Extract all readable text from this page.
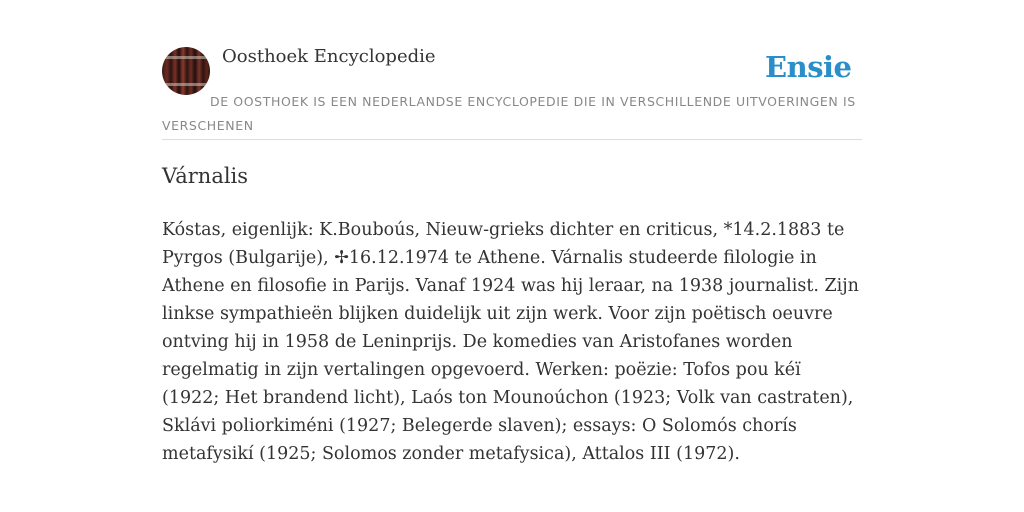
Oosthoek Encyclopedie	Ensie
DE OOSTHOEK IS EEN NEDERLANDSE ENCYCLOPEDIE DIE IN VERSCHILLENDE UITVOERINGEN IS VERSCHENEN
Várnalis

Kóstas, eigenlijk: K.Bouboús, Nieuw-grieks dichter en criticus, *14.2.1883 te Pyrgos (Bulgarije), ✢16.12.1974 te Athene. Várnalis studeerde filologie in Athene en filosofie in Parijs. Vanaf 1924 was hij leraar, na 1938 journalist. Zijn linkse sympathieën blijken duidelijk uit zijn werk. Voor zijn poëtisch oeuvre ontving hij in 1958 de Leninprijs. De komedies van Aristofanes worden regelmatig in zijn vertalingen opgevoerd. Werken: poëzie: Tofos pou kéï (1922; Het brandend licht), Laós ton Mounoúchon (1923; Volk van castraten), Sklávi poliorkiméni (1927; Belegerde slaven); essays: O Solomós chorís metafysikí (1925; Solomos zonder metafysica), Attalos III (1972).
